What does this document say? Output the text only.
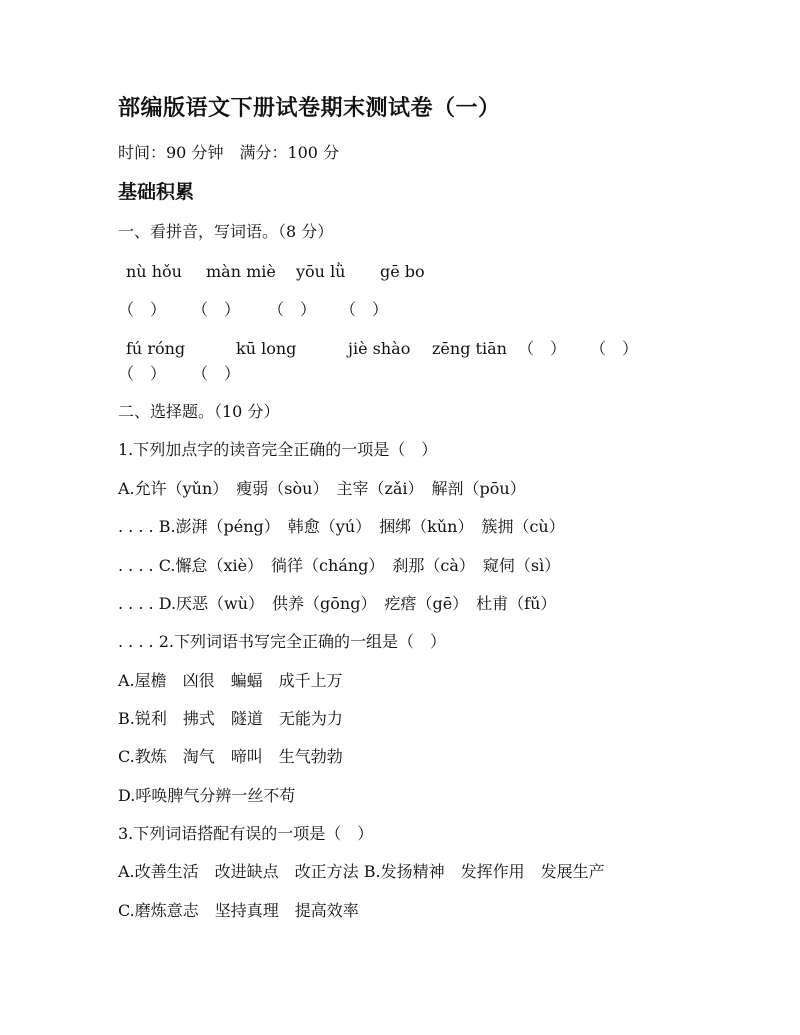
部编版语文下册试卷期末测试卷（一）
时间：90 分钟　满分：100 分
基础积累
一、看拼音，写词语。（8 分）

nù hǒu

màn miè

yōu lǜ

gē bo

（　）

（　）

（　）

（　）

fú róng

	kū long

	jiè shào

zēng tiān

（　）

（　）

（　）

（　）

二、选择题。（10 分）
1.下列加点字的读音完全正确的一项是（　）
A.允许（yǔn）　瘦弱（sòu）　主宰（zǎi）　解剖（pōu）
. . . . B.澎湃（péng）　韩愈（yú）　捆绑（kǔn）　簇拥（cù）
. . . . C.懈怠（xiè）　徜徉（cháng）　刹那（cà）　窥伺（sì）
. . . . D.厌恶（wù）　供养（gōng）　疙瘩（gē）　杜甫（fǔ）
. . . . 2.下列词语书写完全正确的一组是（　）
A.屋檐　凶很　蝙蝠　成千上万
B.锐利　拂式　隧道　无能为力
C.教炼　淘气　啼叫　生气勃勃
D.呼唤脾气分辨一丝不苟
3.下列词语搭配有误的一项是（　）
A.改善生活　改进缺点　改正方法 B.发扬精神　发挥作用　发展生产
C.磨炼意志　坚持真理　提高效率
